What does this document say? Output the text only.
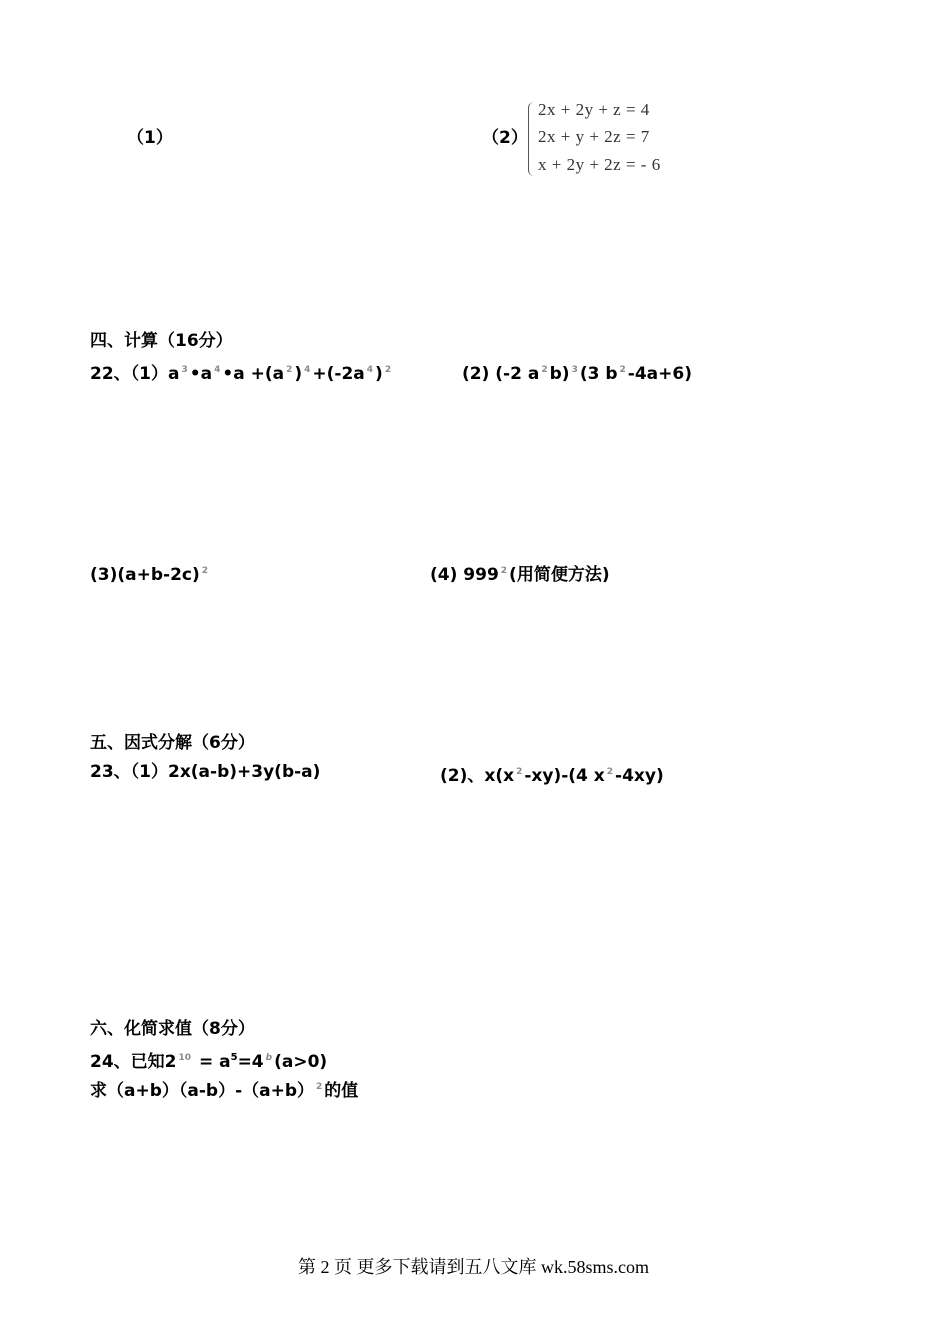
（1）	（2）
2x + 2y + z = 4
2x + y + 2z = 7
x + 2y + 2z = - 6
四、计算（16分）
22、（1）a $^3$ •a $^4$ •a +(a $^2$ ) $^4$ +(-2a $^4$ ) $^2$	(2) (-2 a $^2$ b) $^3$ (3 b $^2$ -4a+6)
(3)(a+b-2c) $^2$	(4) 999 $^2$ (用简便方法)
五、因式分解（6分）
23、（1）2x(a-b)+3y(b-a)	(2)、x(x $^2$ -xy)-(4 x $^2$ -4xy)
六、化简求值（8分）
24、已知2 $^{10} = a^5=4$ $^b$ (a>0)
求（a+b）（a-b）-（a+b） $^2$ 的值
第 2 页 更多下载请到五八文库 wk.58sms.com
